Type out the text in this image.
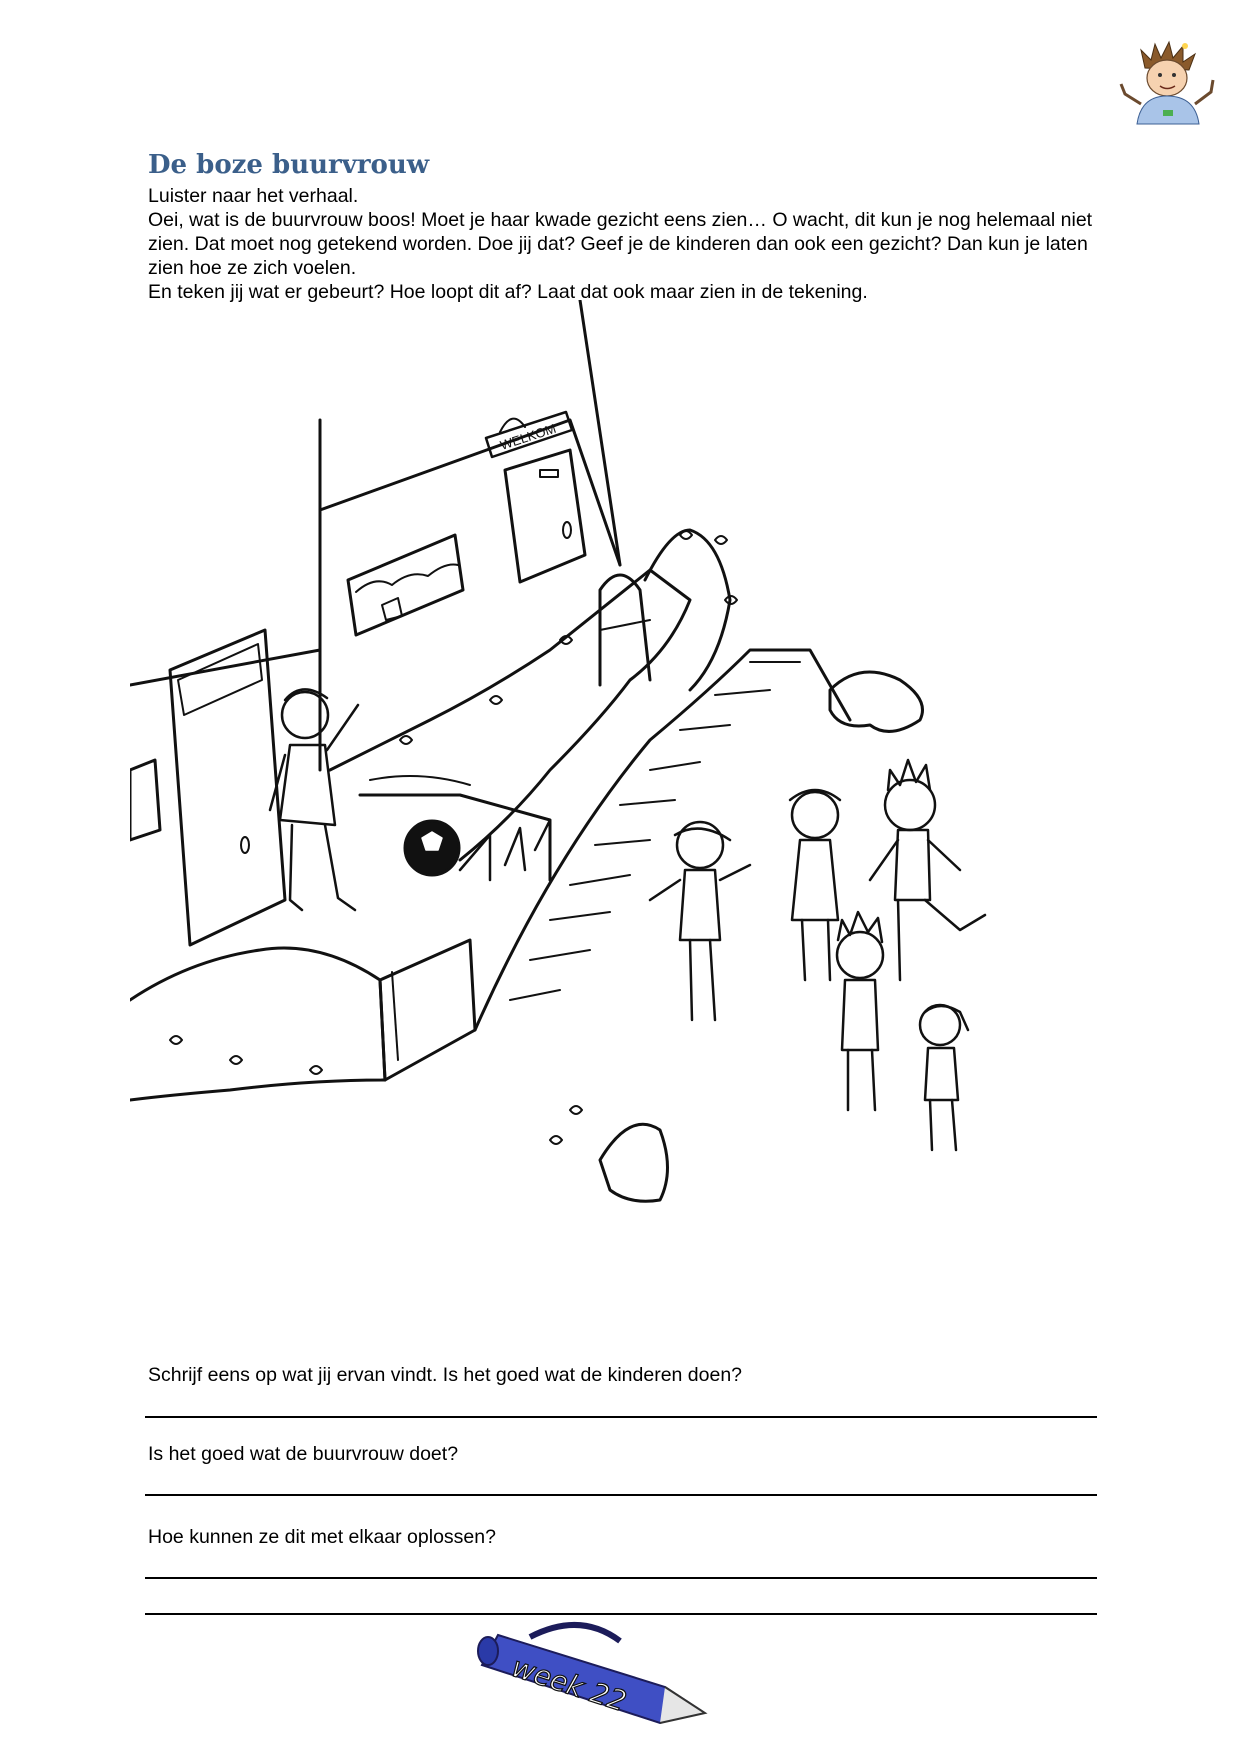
De boze buurvrouw

Luister naar het verhaal.

Oei, wat is de buurvrouw boos! Moet je haar kwade gezicht eens zien… O wacht, dit kun je nog helemaal niet zien. Dat moet nog getekend worden. Doe jij dat? Geef je de kinderen dan ook een gezicht? Dan kun je laten zien hoe ze zich voelen.

En teken jij wat er gebeurt? Hoe loopt dit af? Laat dat ook maar zien in de tekening.

WELKOM
Schrijf eens op wat jij ervan vindt. Is het goed wat de kinderen doen?
Is het goed wat de buurvrouw doet?
Hoe kunnen ze dit met elkaar oplossen?
week 22
